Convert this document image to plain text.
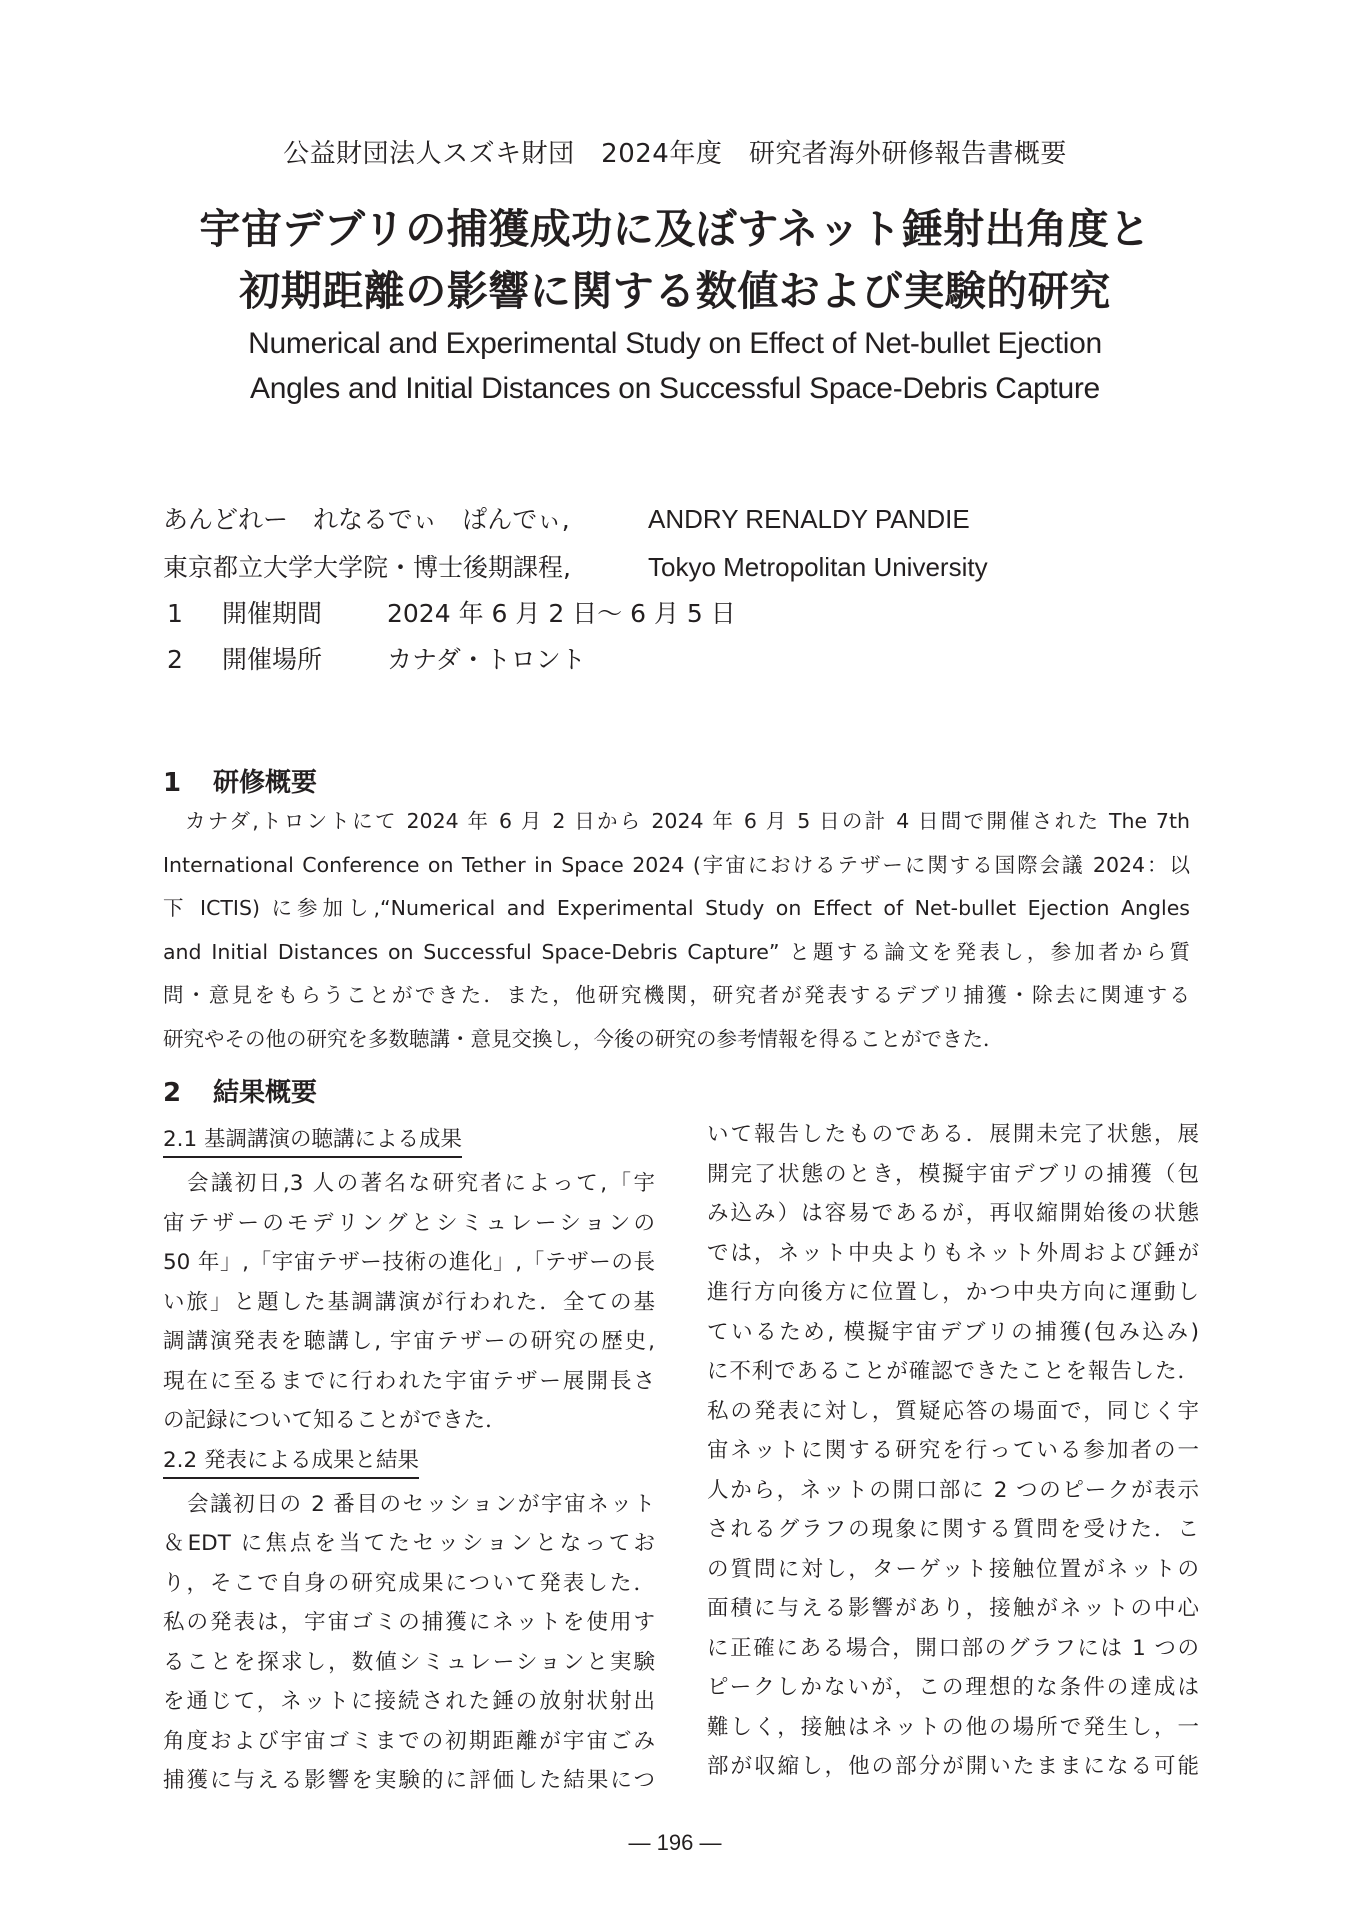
公益財団法人スズキ財団　2024年度　研究者海外研修報告書概要
宇宙デブリの捕獲成功に及ぼすネット錘射出角度と
初期距離の影響に関する数値および実験的研究
Numerical and Experimental Study on Effect of Net-bullet Ejection
Angles and Initial Distances on Successful Space-Debris Capture
あんどれー　れなるでぃ　ぱんでぃ,	ANDRY RENALDY PANDIE
東京都立大学大学院・博士後期課程,	Tokyo Metropolitan University
1 開催期間	2024 年 6 月 2 日〜 6 月 5 日
2 開催場所	カナダ・トロント
1 研修概要
カナダ,トロントにて 2024 年 6 月 2 日から 2024 年 6 月 5 日の計 4 日間で開催された The 7th
International Conference on Tether in Space 2024 (宇宙におけるテザーに関する国際会議 2024：以
下 ICTIS) に参加し,“Numerical and Experimental Study on Effect of Net-bullet Ejection Angles
and Initial Distances on Successful Space-Debris Capture” と題する論文を発表し，参加者から質
問・意見をもらうことができた．また，他研究機関，研究者が発表するデブリ捕獲・除去に関連する
研究やその他の研究を多数聴講・意見交換し，今後の研究の参考情報を得ることができた．
2 結果概要
2.1 基調講演の聴講による成果
会議初日,3 人の著名な研究者によって,「宇
宙テザーのモデリングとシミュレーションの
50 年」,「宇宙テザー技術の進化」,「テザーの長
い旅」と題した基調講演が行われた．全ての基
調講演発表を聴講し, 宇宙テザーの研究の歴史,
現在に至るまでに行われた宇宙テザー展開長さ
の記録について知ることができた．
2.2 発表による成果と結果
会議初日の 2 番目のセッションが宇宙ネット
＆EDT に焦点を当てたセッションとなってお
り，そこで自身の研究成果について発表した．
私の発表は，宇宙ゴミの捕獲にネットを使用す
ることを探求し，数値シミュレーションと実験
を通じて，ネットに接続された錘の放射状射出
角度および宇宙ゴミまでの初期距離が宇宙ごみ
捕獲に与える影響を実験的に評価した結果につ
いて報告したものである．展開未完了状態，展
開完了状態のとき，模擬宇宙デブリの捕獲（包
み込み）は容易であるが，再収縮開始後の状態
では，ネット中央よりもネット外周および錘が
進行方向後方に位置し，かつ中央方向に運動し
ているため, 模擬宇宙デブリの捕獲(包み込み)
に不利であることが確認できたことを報告した．
私の発表に対し，質疑応答の場面で，同じく宇
宙ネットに関する研究を行っている参加者の一
人から，ネットの開口部に 2 つのピークが表示
されるグラフの現象に関する質問を受けた．こ
の質問に対し，ターゲット接触位置がネットの
面積に与える影響があり，接触がネットの中心
に正確にある場合，開口部のグラフには 1 つの
ピークしかないが，この理想的な条件の達成は
難しく，接触はネットの他の場所で発生し，一
部が収縮し，他の部分が開いたままになる可能
— 196 —
